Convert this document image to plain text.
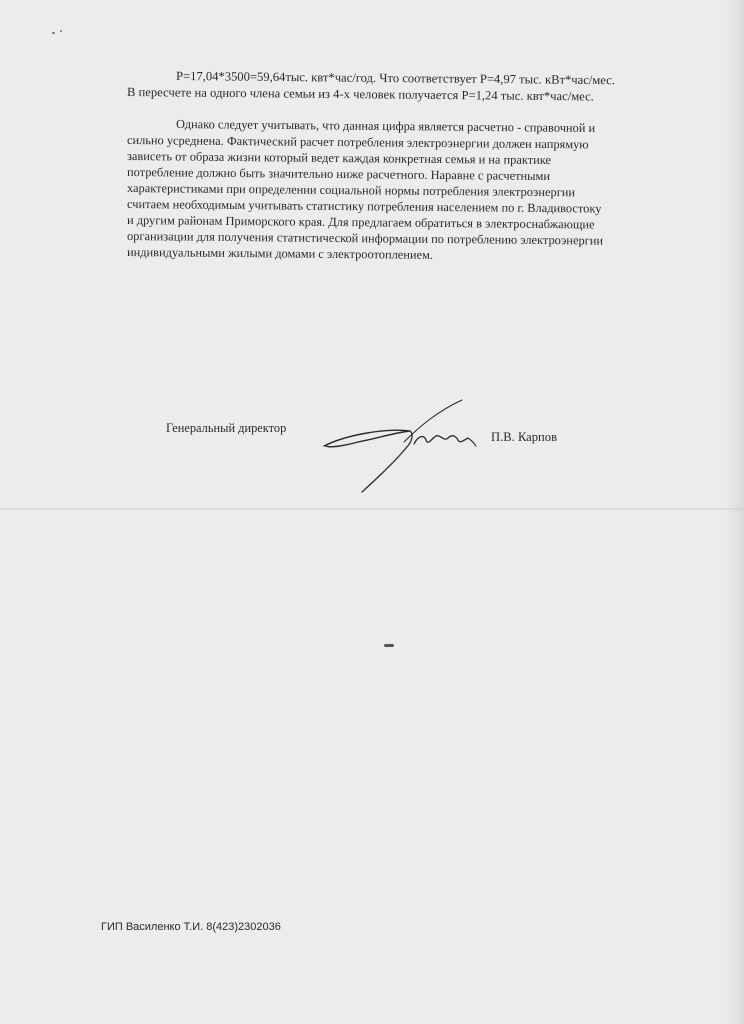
P=17,04*3500=59,64тыс. квт*час/год. Что соответствует P=4,97 тыс. кВт*час/мес.
В пересчете на одного члена семьи из 4-х человек получается P=1,24 тыс. квт*час/мес.
Однако следует учитывать, что данная цифра является расчетно - справочной и
сильно усреднена. Фактический расчет потребления электроэнергии должен напрямую
зависеть от образа жизни который ведет каждая конкретная семья и на практике
потребление должно быть значительно ниже расчетного. Наравне с расчетными
характеристиками при определении социальной нормы потребления электроэнергии
считаем необходимым учитывать статистику потребления населением по г. Владивостоку
и другим районам Приморского края. Для предлагаем обратиться в электроснабжающие
организации для получения статистической информации по потреблению электроэнергии
индивидуальными жилыми домами с электроотоплением.
Генеральный директор
П.В. Карпов
ГИП Василенко Т.И. 8(423)2302036
